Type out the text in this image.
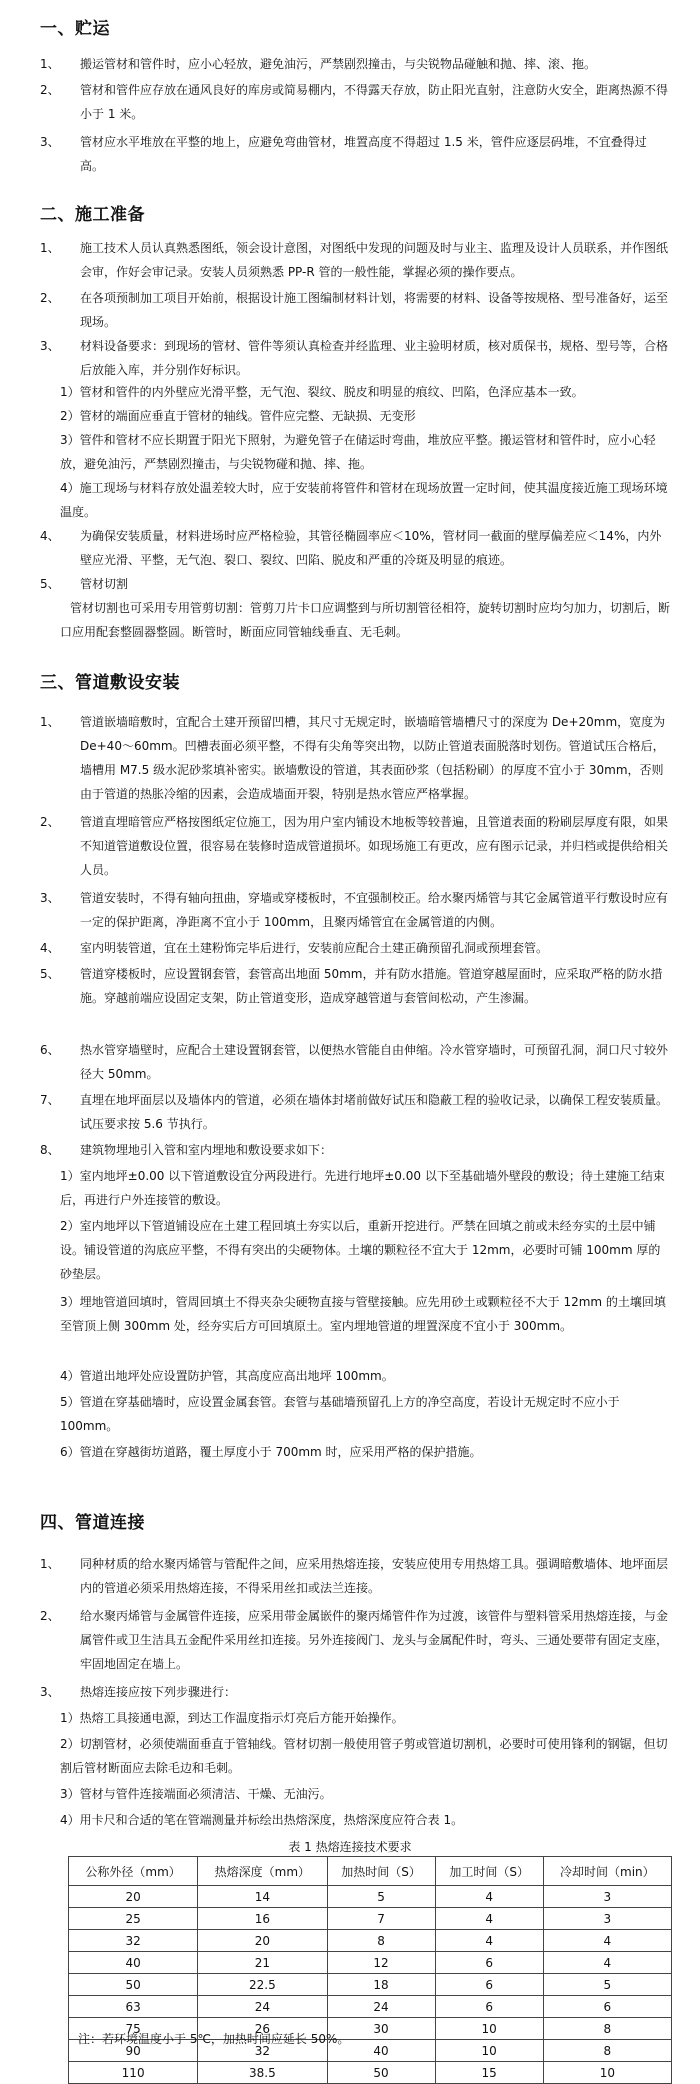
一、贮运
1、	搬运管材和管件时，应小心轻放，避免油污，严禁剧烈撞击，与尖锐物品碰触和抛、摔、滚、拖。
2、	管材和管件应存放在通风良好的库房或简易棚内，不得露天存放，防止阳光直射，注意防火安全，距离热源不得小于 1 米。
3、	管材应水平堆放在平整的地上，应避免弯曲管材，堆置高度不得超过 1.5 米，管件应逐层码堆，不宜叠得过高。
二、施工准备
1、	施工技术人员认真熟悉图纸，领会设计意图，对图纸中发现的问题及时与业主、监理及设计人员联系，并作图纸会审，作好会审记录。安装人员须熟悉 PP-R 管的一般性能，掌握必须的操作要点。
2、	在各项预制加工项目开始前，根据设计施工图编制材料计划，将需要的材料、设备等按规格、型号准备好，运至现场。
3、	材料设备要求：到现场的管材、管件等须认真检查并经监理、业主验明材质，核对质保书，规格、型号等，合格后放能入库，并分别作好标识。
1）管材和管件的内外壁应光滑平整，无气泡、裂纹、脱皮和明显的痕纹、凹陷，色泽应基本一致。
2）管材的端面应垂直于管材的轴线。管件应完整、无缺损、无变形
3）管件和管材不应长期置于阳光下照射，为避免管子在储运时弯曲，堆放应平整。搬运管材和管件时，应小心轻放，避免油污，严禁剧烈撞击，与尖锐物碰和抛、摔、拖。
4）施工现场与材料存放处温差较大时，应于安装前将管件和管材在现场放置一定时间，使其温度接近施工现场环境温度。
4、	为确保安装质量，材料进场时应严格检验，其管径椭圆率应＜10%，管材同一截面的壁厚偏差应＜14%，内外壁应光滑、平整，无气泡、裂口、裂纹、凹陷、脱皮和严重的冷斑及明显的痕迹。
5、	管材切割
管材切割也可采用专用管剪切割：管剪刀片卡口应调整到与所切割管径相符，旋转切割时应均匀加力，切割后，断口应用配套整圆器整圆。断管时，断面应同管轴线垂直、无毛刺。
三、管道敷设安装
1、	管道嵌墙暗敷时，宜配合土建开预留凹槽，其尺寸无规定时，嵌墙暗管墙槽尺寸的深度为 De+20mm，宽度为 De+40～60mm。凹槽表面必须平整，不得有尖角等突出物，以防止管道表面脱落时划伤。管道试压合格后，墙槽用 M7.5 级水泥砂浆填补密实。嵌墙敷设的管道，其表面砂浆（包括粉刷）的厚度不宜小于 30mm，否则由于管道的热胀冷缩的因素，会造成墙面开裂，特别是热水管应严格掌握。
2、	管道直埋暗管应严格按图纸定位施工，因为用户室内铺设木地板等较普遍，且管道表面的粉刷层厚度有限，如果不知道管道敷设位置，很容易在装修时造成管道损坏。如现场施工有更改，应有图示记录，并归档或提供给相关人员。
3、	管道安装时，不得有轴向扭曲，穿墙或穿楼板时，不宜强制校正。给水聚丙烯管与其它金属管道平行敷设时应有一定的保护距离，净距离不宜小于 100mm，且聚丙烯管宜在金属管道的内侧。
4、	室内明装管道，宜在土建粉饰完毕后进行，安装前应配合土建正确预留孔洞或预埋套管。
5、	管道穿楼板时，应设置钢套管，套管高出地面 50mm，并有防水措施。管道穿越屋面时，应采取严格的防水措施。穿越前端应设固定支架，防止管道变形，造成穿越管道与套管间松动，产生渗漏。
6、	热水管穿墙壁时，应配合土建设置钢套管，以便热水管能自由伸缩。冷水管穿墙时，可预留孔洞，洞口尺寸较外径大 50mm。
7、	直埋在地坪面层以及墙体内的管道，必须在墙体封堵前做好试压和隐蔽工程的验收记录，以确保工程安装质量。试压要求按 5.6 节执行。
8、	建筑物埋地引入管和室内埋地和敷设要求如下：
1）室内地坪±0.00 以下管道敷设宜分两段进行。先进行地坪±0.00 以下至基础墙外壁段的敷设；待土建施工结束后，再进行户外连接管的敷设。
2）室内地坪以下管道铺设应在土建工程回填土夯实以后，重新开挖进行。严禁在回填之前或未经夯实的土层中铺设。铺设管道的沟底应平整，不得有突出的尖硬物体。土壤的颗粒径不宜大于 12mm，必要时可铺 100mm 厚的砂垫层。
3）埋地管道回填时，管周回填土不得夹杂尖硬物直接与管壁接触。应先用砂土或颗粒径不大于 12mm 的土壤回填至管顶上侧 300mm 处，经夯实后方可回填原土。室内埋地管道的埋置深度不宜小于 300mm。
4）管道出地坪处应设置防护管，其高度应高出地坪 100mm。
5）管道在穿基础墙时，应设置金属套管。套管与基础墙预留孔上方的净空高度，若设计无规定时不应小于 100mm。
6）管道在穿越街坊道路，覆土厚度小于 700mm 时，应采用严格的保护措施。
四、管道连接
1、	同种材质的给水聚丙烯管与管配件之间，应采用热熔连接，安装应使用专用热熔工具。强调暗敷墙体、地坪面层内的管道必须采用热熔连接，不得采用丝扣或法兰连接。
2、	给水聚丙烯管与金属管件连接，应采用带金属嵌件的聚丙烯管件作为过渡，该管件与塑料管采用热熔连接，与金属管件或卫生洁具五金配件采用丝扣连接。另外连接阀门、龙头与金属配件时，弯头、三通处要带有固定支座，牢固地固定在墙上。
3、	热熔连接应按下列步骤进行：
1）热熔工具接通电源，到达工作温度指示灯亮后方能开始操作。
2）切割管材，必须使端面垂直于管轴线。管材切割一般使用管子剪或管道切割机，必要时可使用锋利的钢锯，但切割后管材断面应去除毛边和毛刺。
3）管材与管件连接端面必须清洁、干燥、无油污。
4）用卡尺和合适的笔在管端测量并标绘出热熔深度，热熔深度应符合表 1。
表 1 热熔连接技术要求
公称外径（mm）	热熔深度（mm）	加热时间（S）	加工时间（S）	冷却时间（min）
20	14	5	4	3
25	16	7	4	3
32	20	8	4	4
40	21	12	6	4
50	22.5	18	6	5
63	24	24	6	6
75	26	30	10	8
90	32	40	10	8
110	38.5	50	15	10
注：若环境温度小于 5℃，加热时间应延长 50%。
